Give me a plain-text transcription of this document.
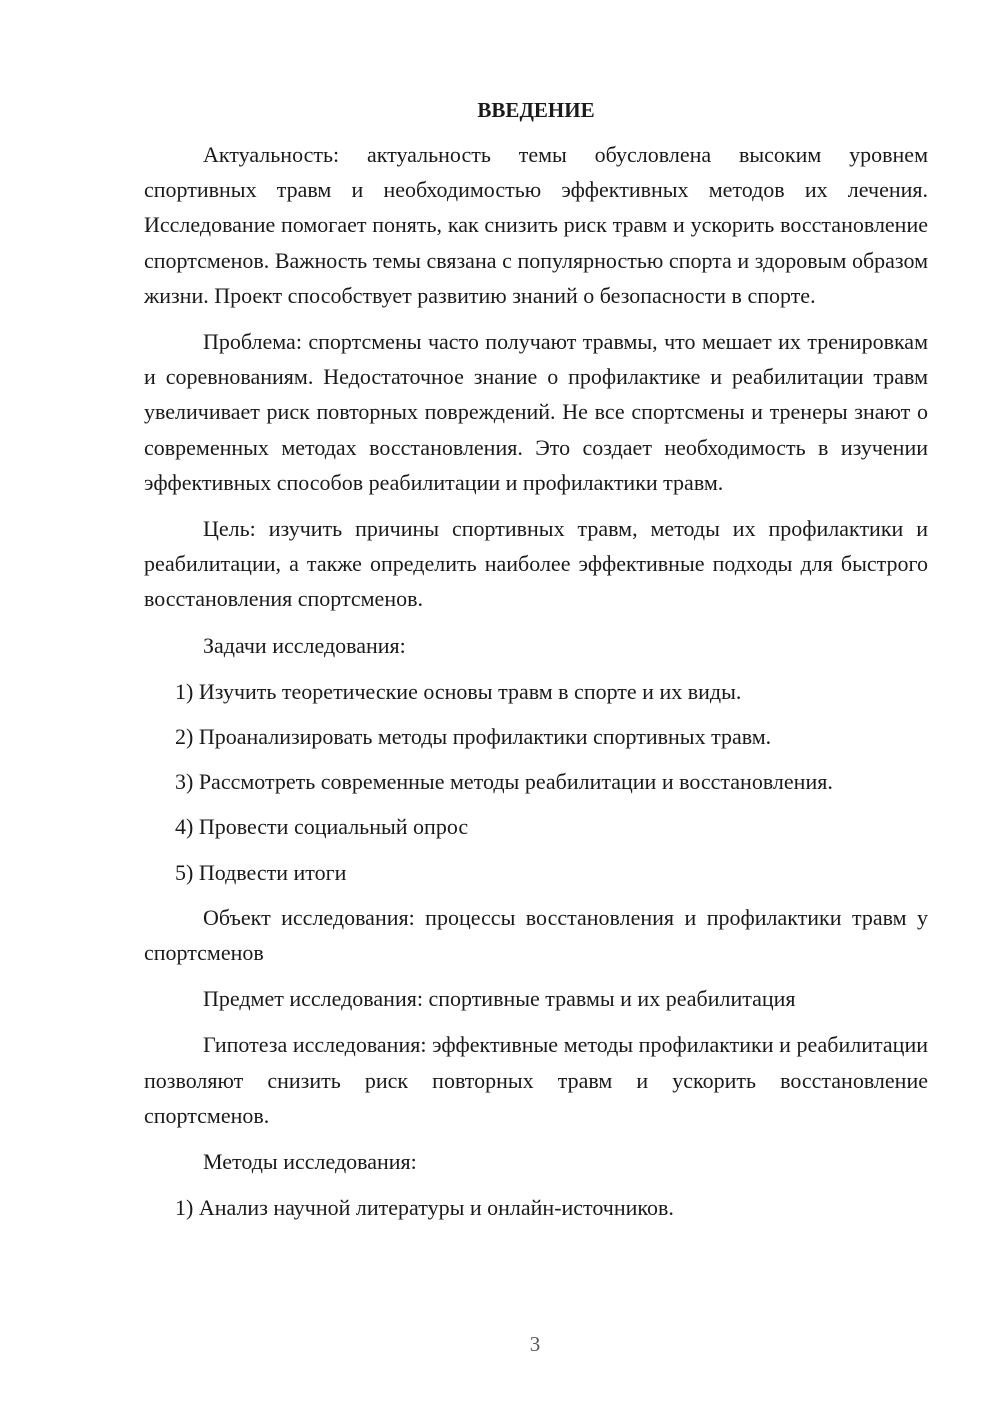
ВВЕДЕНИЕ

Актуальность: актуальность темы обусловлена высоким уровнем спортивных травм и необходимостью эффективных методов их лечения. Исследование помогает понять, как снизить риск травм и ускорить восстановление спортсменов. Важность темы связана с популярностью спорта и здоровым образом жизни. Проект способствует развитию знаний о безопасности в спорте.

Проблема: спортсмены часто получают травмы, что мешает их тренировкам и соревнованиям. Недостаточное знание о профилактике и реабилитации травм увеличивает риск повторных повреждений. Не все спортсмены и тренеры знают о современных методах восстановления. Это создает необходимость в изучении эффективных способов реабилитации и профилактики травм.

Цель: изучить причины спортивных травм, методы их профилактики и реабилитации, а также определить наиболее эффективные подходы для быстрого восстановления спортсменов.

Задачи исследования:

1) Изучить теоретические основы травм в спорте и их виды.

2) Проанализировать методы профилактики спортивных травм.

3) Рассмотреть современные методы реабилитации и восстановления.

4) Провести социальный опрос

5) Подвести итоги

Объект исследования: процессы восстановления и профилактики травм у спортсменов

Предмет исследования: спортивные травмы и их реабилитация

Гипотеза исследования: эффективные методы профилактики и реабилитации позволяют снизить риск повторных травм и ускорить восстановление спортсменов.

Методы исследования:

1) Анализ научной литературы и онлайн-источников.

3
